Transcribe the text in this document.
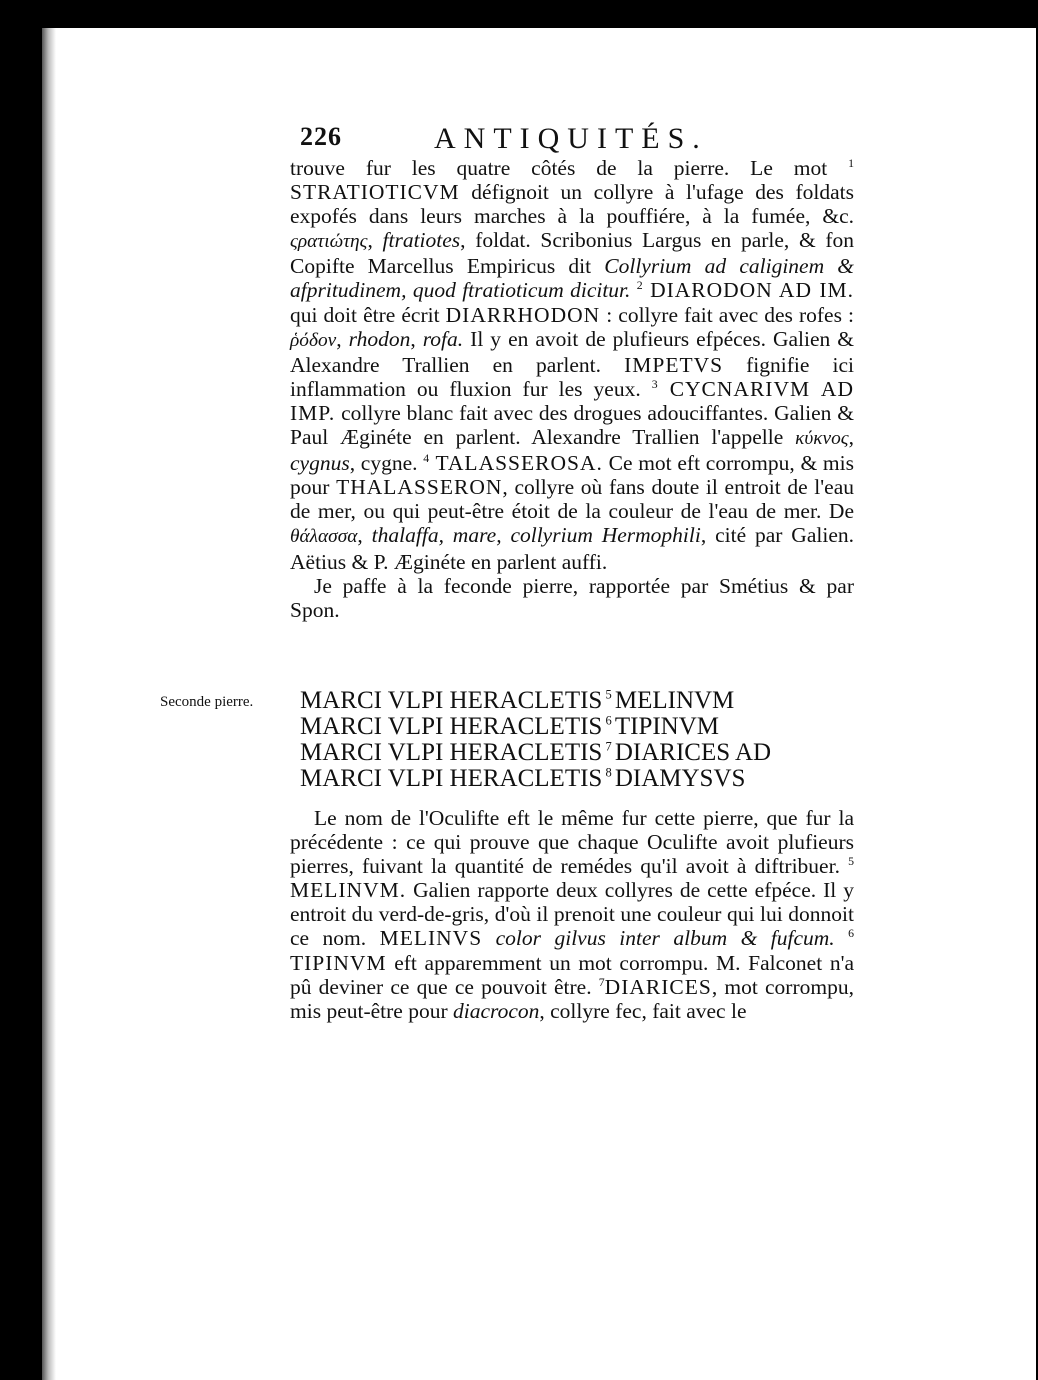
226	ANTIQUITÉS.

trouve fur les quatre côtés de la pierre. Le mot $^1$ STRATIOTICVM défignoit un collyre à l'ufage des foldats expofés dans leurs marches à la pouffiére, à la fumée, &c. ςρατιώτης, ftratiotes, foldat. Scribonius Largus en parle, & fon Copifte Marcellus Empiricus dit Collyrium ad caliginem & afpritudinem, quod ftratioticum dicitur. $^2$ DIARODON AD IM. qui doit être écrit DIARRHODON : collyre fait avec des rofes : ῥόδον, rhodon, rofa. Il y en avoit de plufieurs efpéces. Galien & Alexandre Trallien en parlent. IMPETVS fignifie ici inflammation ou fluxion fur les yeux. $^3$ CYCNARIVM AD IMP. collyre blanc fait avec des drogues adouciffantes. Galien & Paul Æginéte en parlent. Alexandre Trallien l'appelle κύκνος, cygnus, cygne. $^4$ TALASSEROSA. Ce mot eft corrompu, & mis pour THALASSERON, collyre où fans doute il entroit de l'eau de mer, ou qui peut-être étoit de la couleur de l'eau de mer. De θάλασσα, thalaffa, mare, collyrium Hermophili, cité par Galien. Aëtius & P. Æginéte en parlent auffi.

Je paffe à la feconde pierre, rapportée par Smétius & par Spon.

Seconde pierre. MARCI VLPI HERACLETIS $^5$ MELINVM
MARCI VLPI HERACLETIS $^6$ TIPINVM
MARCI VLPI HERACLETIS $^7$ DIARICES AD
MARCI VLPI HERACLETIS $^8$ DIAMYSVS

Le nom de l'Oculifte eft le même fur cette pierre, que fur la précédente : ce qui prouve que chaque Oculifte avoit plufieurs pierres, fuivant la quantité de remédes qu'il avoit à diftribuer. $^5$ MELINVM. Galien rapporte deux collyres de cette efpéce. Il y entroit du verd-de-gris, d'où il prenoit une couleur qui lui donnoit ce nom. MELINVS color gilvus inter album & fufcum. $^6$ TIPINVM eft apparemment un mot corrompu. M. Falconet n'a pû deviner ce que ce pouvoit être. $^7$DIARICES, mot corrompu, mis peut-être pour diacrocon, collyre fec, fait avec le
